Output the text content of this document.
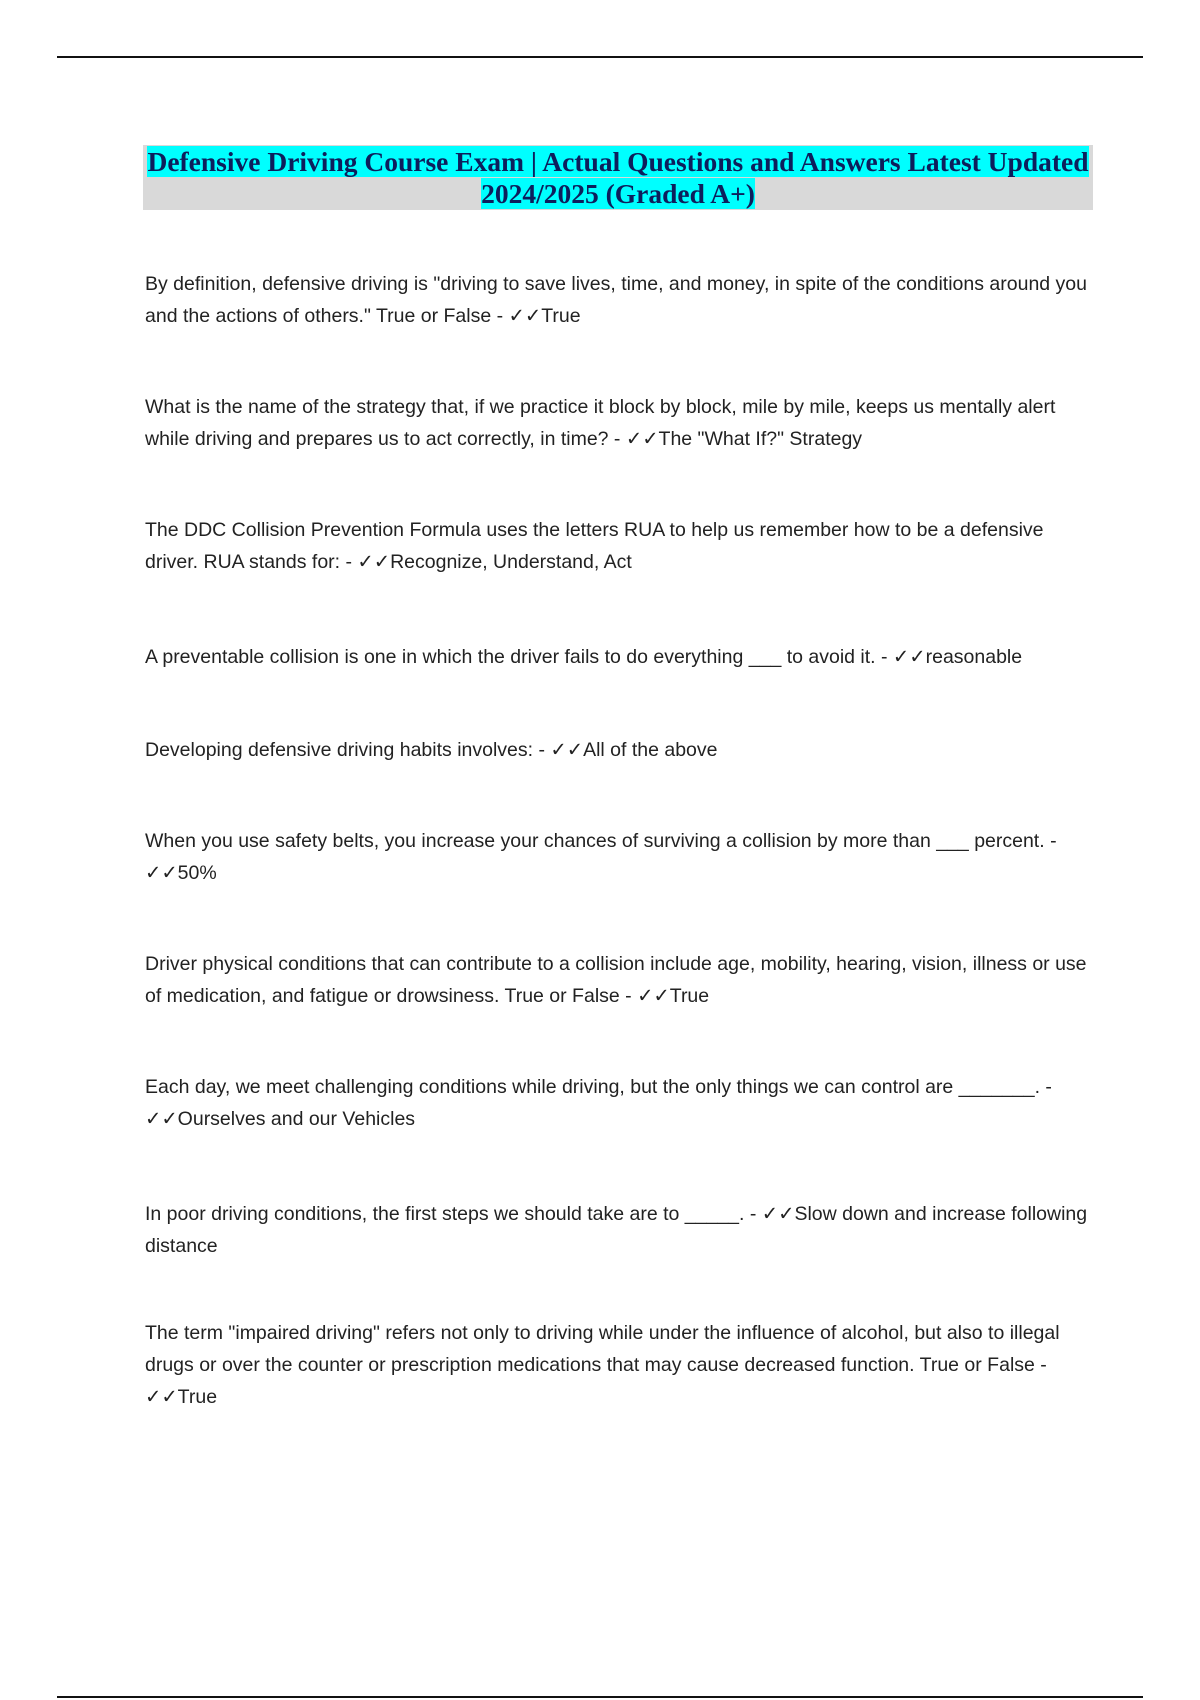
Defensive Driving Course Exam | Actual Questions and Answers Latest Updated 2024/2025 (Graded A+)

By definition, defensive driving is "driving to save lives, time, and money, in spite of the conditions around you and the actions of others." True or False - ✓✓True

What is the name of the strategy that, if we practice it block by block, mile by mile, keeps us mentally alert while driving and prepares us to act correctly, in time? - ✓✓The "What If?" Strategy

The DDC Collision Prevention Formula uses the letters RUA to help us remember how to be a defensive driver. RUA stands for: - ✓✓Recognize, Understand, Act

A preventable collision is one in which the driver fails to do everything ___ to avoid it. - ✓✓reasonable

Developing defensive driving habits involves: - ✓✓All of the above

When you use safety belts, you increase your chances of surviving a collision by more than ___ percent. - ✓✓50%

Driver physical conditions that can contribute to a collision include age, mobility, hearing, vision, illness or use of medication, and fatigue or drowsiness. True or False - ✓✓True

Each day, we meet challenging conditions while driving, but the only things we can control are _______. - ✓✓Ourselves and our Vehicles

In poor driving conditions, the first steps we should take are to _____. - ✓✓Slow down and increase following distance

The term "impaired driving" refers not only to driving while under the influence of alcohol, but also to illegal drugs or over the counter or prescription medications that may cause decreased function. True or False - ✓✓True
